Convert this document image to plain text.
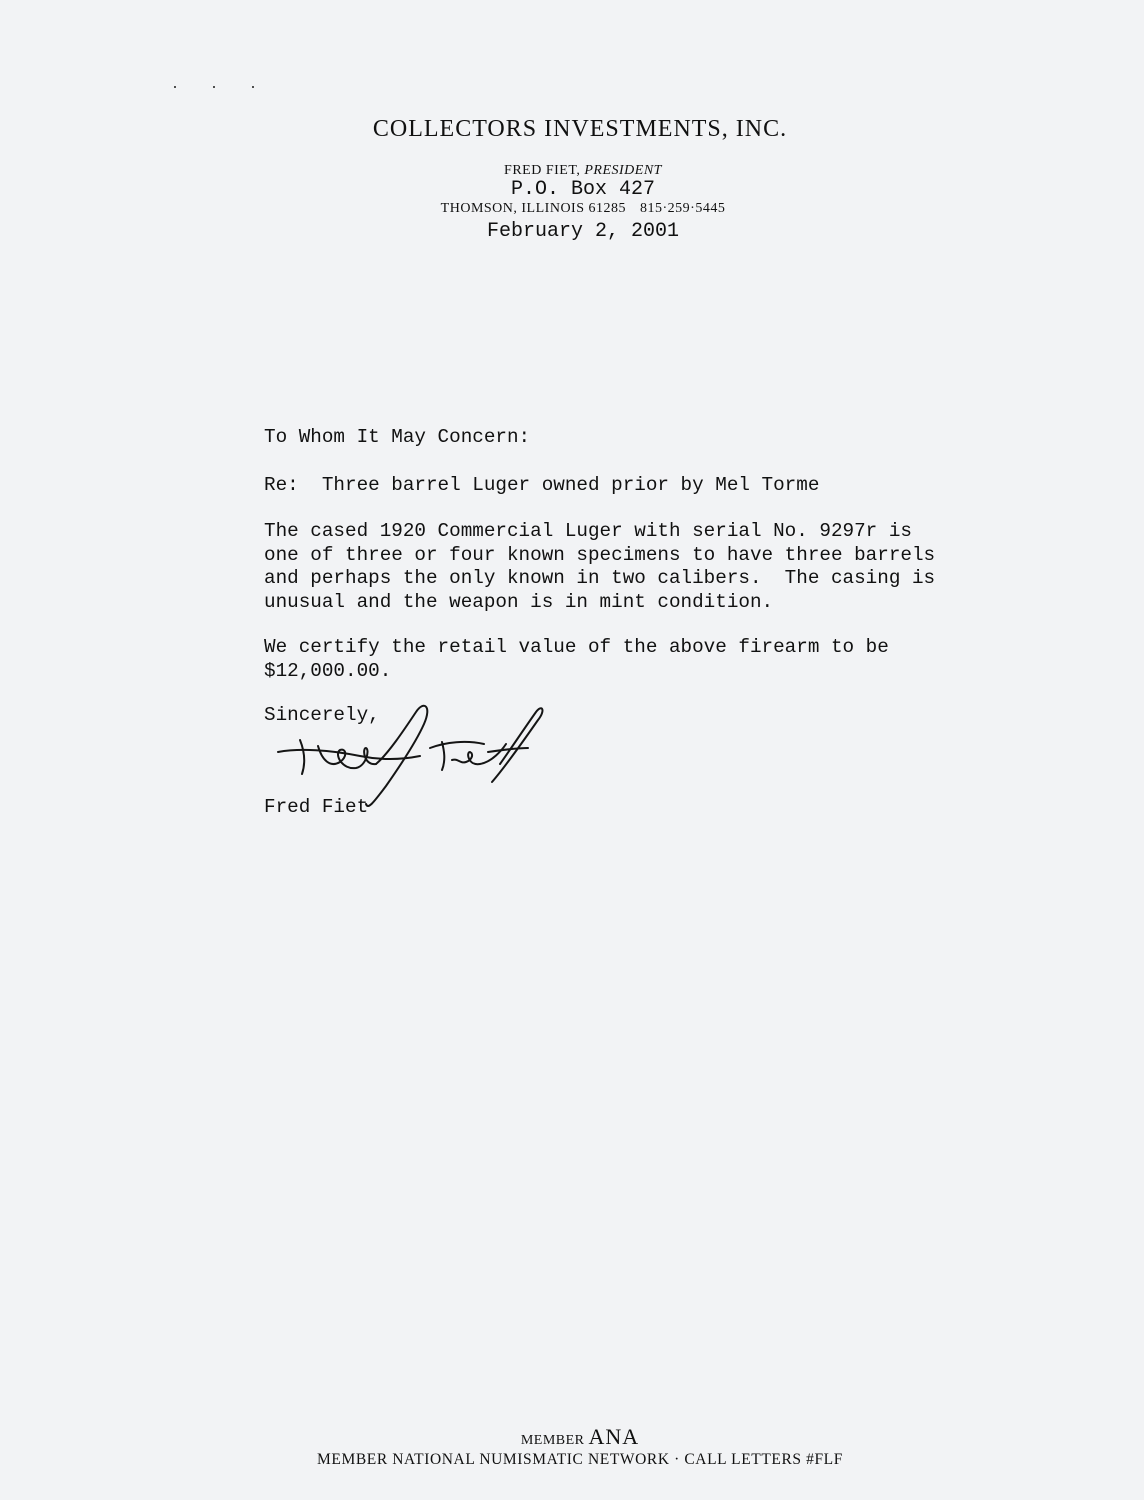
· · ·
COLLECTORS INVESTMENTS, INC.
FRED FIET, PRESIDENT
P.O. Box 427
THOMSON, ILLINOIS 61285 815·259·5445
February 2, 2001
To Whom It May Concern:
Re:  Three barrel Luger owned prior by Mel Torme
The cased 1920 Commercial Luger with serial No. 9297r is
one of three or four known specimens to have three barrels
and perhaps the only known in two calibers.  The casing is
unusual and the weapon is in mint condition.
We certify the retail value of the above firearm to be
$12,000.00.
Sincerely,
Fred Fiet
MEMBER ANA
MEMBER NATIONAL NUMISMATIC NETWORK · CALL LETTERS #FLF
